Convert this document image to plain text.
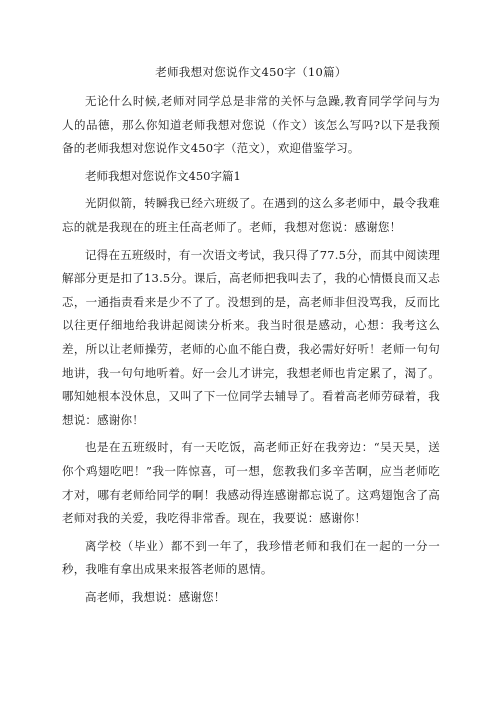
老师我想对您说作文450字（10篇）

无论什么时候,老师对同学总是非常的关怀与急躁,教育同学学问与为人的品德，那么你知道老师我想对您说（作文）该怎么写吗?以下是我预备的老师我想对您说作文450字（范文），欢迎借鉴学习。

老师我想对您说作文450字篇1

光阴似箭，转瞬我已经六班级了。在遇到的这么多老师中，最令我难忘的就是我现在的班主任高老师了。老师，我想对您说：感谢您！

记得在五班级时，有一次语文考试，我只得了77.5分，而其中阅读理解部分更是扣了13.5分。课后，高老师把我叫去了，我的心情慑良而又忐忑，一通指责看来是少不了了。没想到的是，高老师非但没骂我，反而比以往更仔细地给我讲起阅读分析来。我当时很是感动，心想：我考这么差，所以让老师操劳，老师的心血不能白费，我必需好好听！老师一句句地讲，我一句句地听着。好一会儿才讲完，我想老师也肯定累了，渴了。哪知她根本没休息，又叫了下一位同学去辅导了。看着高老师劳碌着，我想说：感谢你！

也是在五班级时，有一天吃饭，高老师正好在我旁边：“吴天昊，送你个鸡翅吃吧！”我一阵惊喜，可一想，您教我们多辛苦啊，应当老师吃才对，哪有老师给同学的啊！我感动得连感谢都忘说了。这鸡翅饱含了高老师对我的关爱，我吃得非常香。现在，我要说：感谢你！

离学校（毕业）都不到一年了，我珍惜老师和我们在一起的一分一秒，我唯有拿出成果来报答老师的恩情。

高老师，我想说：感谢您！
